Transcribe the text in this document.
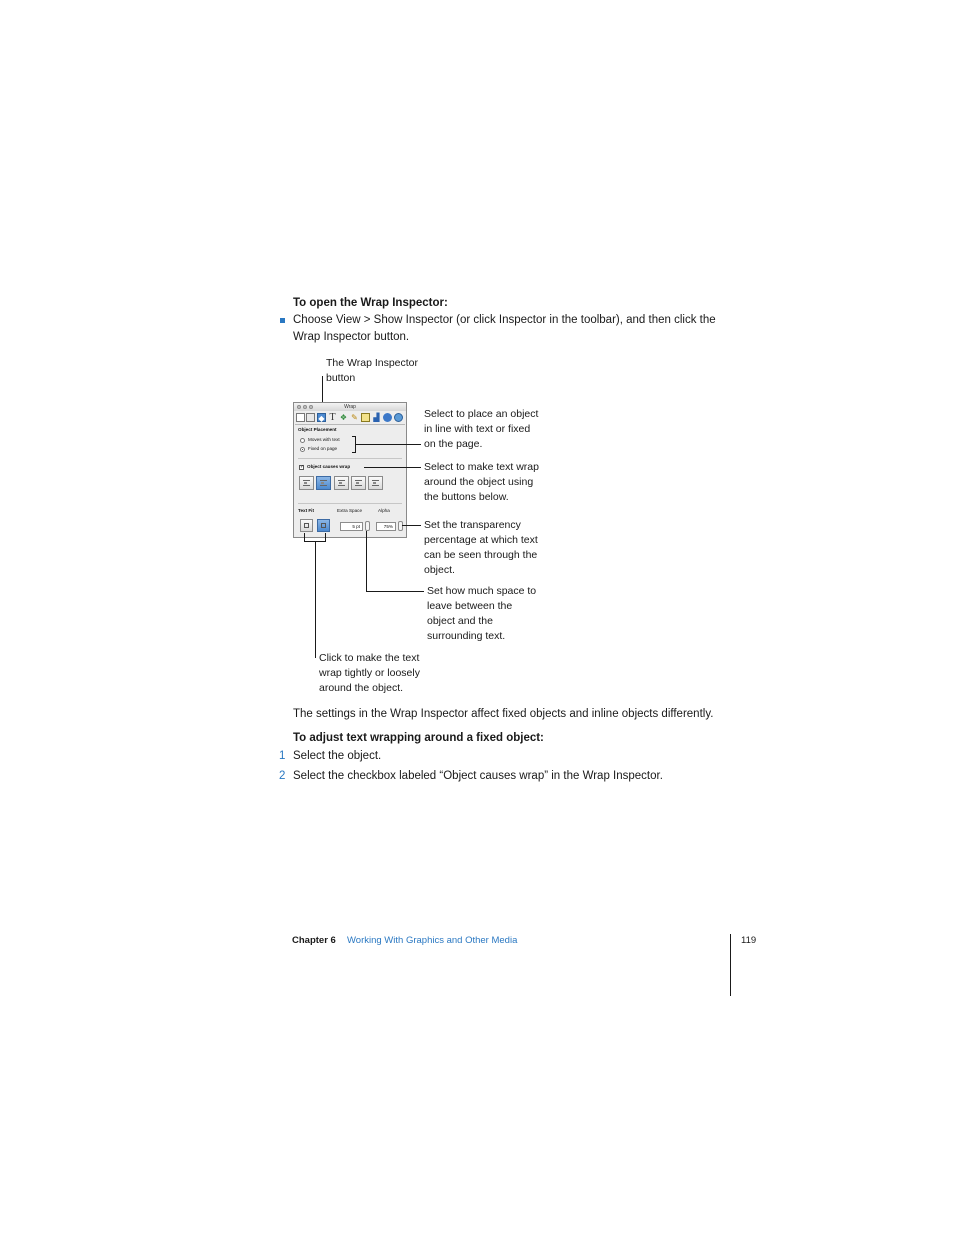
To open the Wrap Inspector:
Choose View > Show Inspector (or click Inspector in the toolbar), and then click the Wrap Inspector button.
The Wrap Inspector
button
Wrap
◆ T ❖ ✎ ▟
Object Placement
Moves with text
Fixed on page
✓ Object causes wrap
Text Fit	Extra Space	Alpha
5 pt	75%
Select to place an object
in line with text or fixed
on the page.
Select to make text wrap
around the object using
the buttons below.
Set the transparency
percentage at which text
can be seen through the
object.
Set how much space to
leave between the
object and the
surrounding text.
Click to make the text
wrap tightly or loosely
around the object.
The settings in the Wrap Inspector affect fixed objects and inline objects differently.
To adjust text wrapping around a fixed object:
1 Select the object.
2 Select the checkbox labeled “Object causes wrap” in the Wrap Inspector.
Chapter 6 Working With Graphics and Other Media	119
